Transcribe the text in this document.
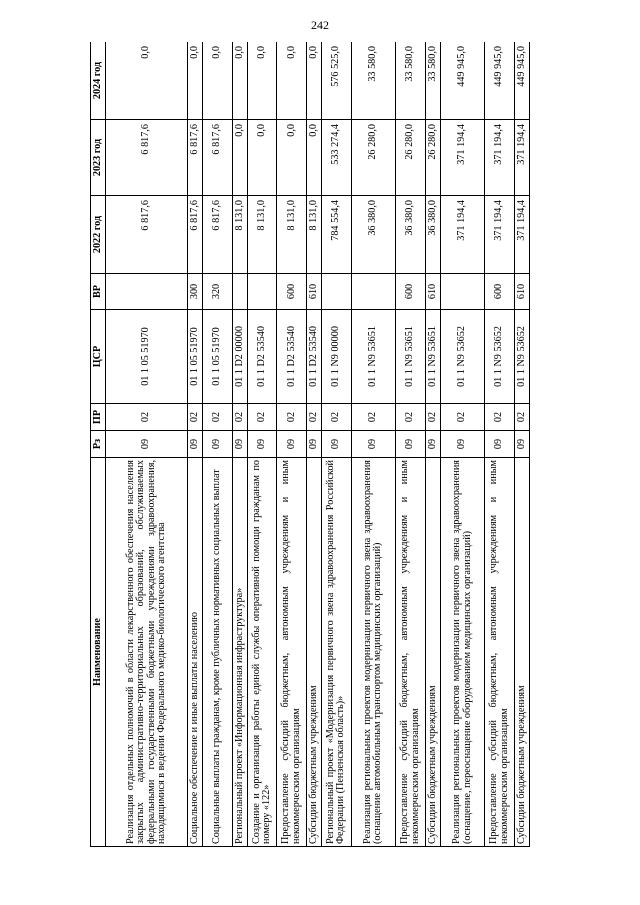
242
Наименование	Рз	ПР	ЦСР	ВР	2022 год	2023 год	2024 год
Реализация отдельных полномочий в области лекарственного обеспечения населения закрытых административно-территориальных образований, обслуживаемых федеральными государственными бюджетными учреждениями здравоохранения, находящимися в ведении Федерального медико-биологического агентства	09	02	01 1 05 51970		6 817,6	6 817,6	0,0
Социальное обеспечение и иные выплаты населению	09	02	01 1 05 51970	300	6 817,6	6 817,6	0,0
Социальные выплаты гражданам, кроме публичных нормативных социальных выплат	09	02	01 1 05 51970	320	6 817,6	6 817,6	0,0
Региональный проект «Информационная инфраструктура»	09	02	01 1 D2 00000		8 131,0	0,0	0,0
Создание и организация работы единой службы оперативной помощи гражданам по номеру «122»	09	02	01 1 D2 53540		8 131,0	0,0	0,0
Предоставление субсидий бюджетным, автономным учреждениям и иным некоммерческим организациям	09	02	01 1 D2 53540	600	8 131,0	0,0	0,0
Субсидии бюджетным учреждениям	09	02	01 1 D2 53540	610	8 131,0	0,0	0,0
Региональный проект «Модернизация первичного звена здравоохранения Российской Федерации (Пензенская область)»	09	02	01 1 N9 00000		784 554,4	533 274,4	576 525,0
Реализация региональных проектов модернизации первичного звена здравоохранения (оснащение автомобильным транспортом медицинских организаций)	09	02	01 1 N9 53651		36 380,0	26 280,0	33 580,0
Предоставление субсидий бюджетным, автономным учреждениям и иным некоммерческим организациям	09	02	01 1 N9 53651	600	36 380,0	26 280,0	33 580,0
Субсидии бюджетным учреждениям	09	02	01 1 N9 53651	610	36 380,0	26 280,0	33 580,0
Реализация региональных проектов модернизации первичного звена здравоохранения (оснащение, переоснащение оборудованием медицинских организаций)	09	02	01 1 N9 53652		371 194,4	371 194,4	449 945,0
Предоставление субсидий бюджетным, автономным учреждениям и иным некоммерческим организациям	09	02	01 1 N9 53652	600	371 194,4	371 194,4	449 945,0
Субсидии бюджетным учреждениям	09	02	01 1 N9 53652	610	371 194,4	371 194,4	449 945,0
